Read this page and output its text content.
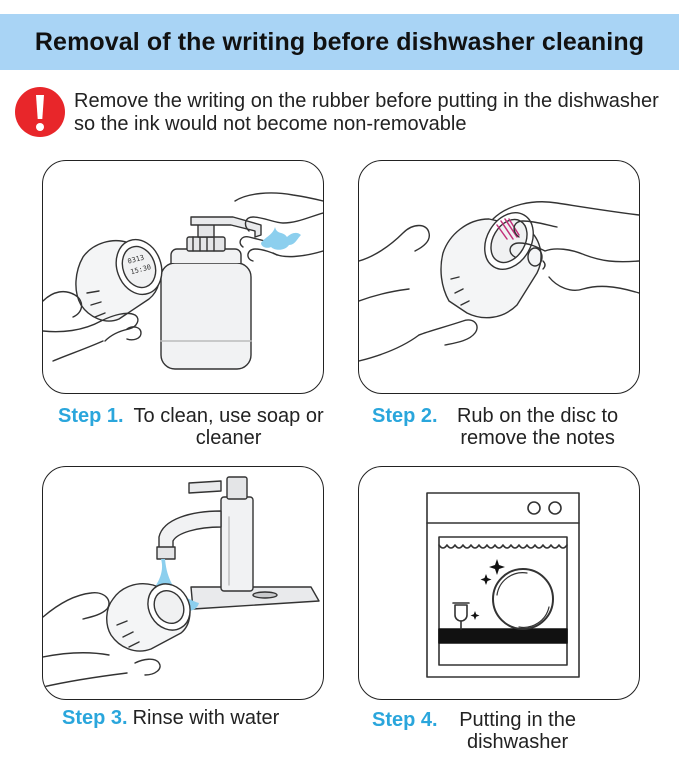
Removal of the writing before dishwasher cleaning
Remove the writing on the rubber before putting in the dishwasher so the ink would not become non-removable
0313
15:30
Step 1. To clean, use soap or cleaner
Step 2. Rub on the disc to remove the notes
Step 3. Rinse with water	Step 4.	Putting in the dishwasher
